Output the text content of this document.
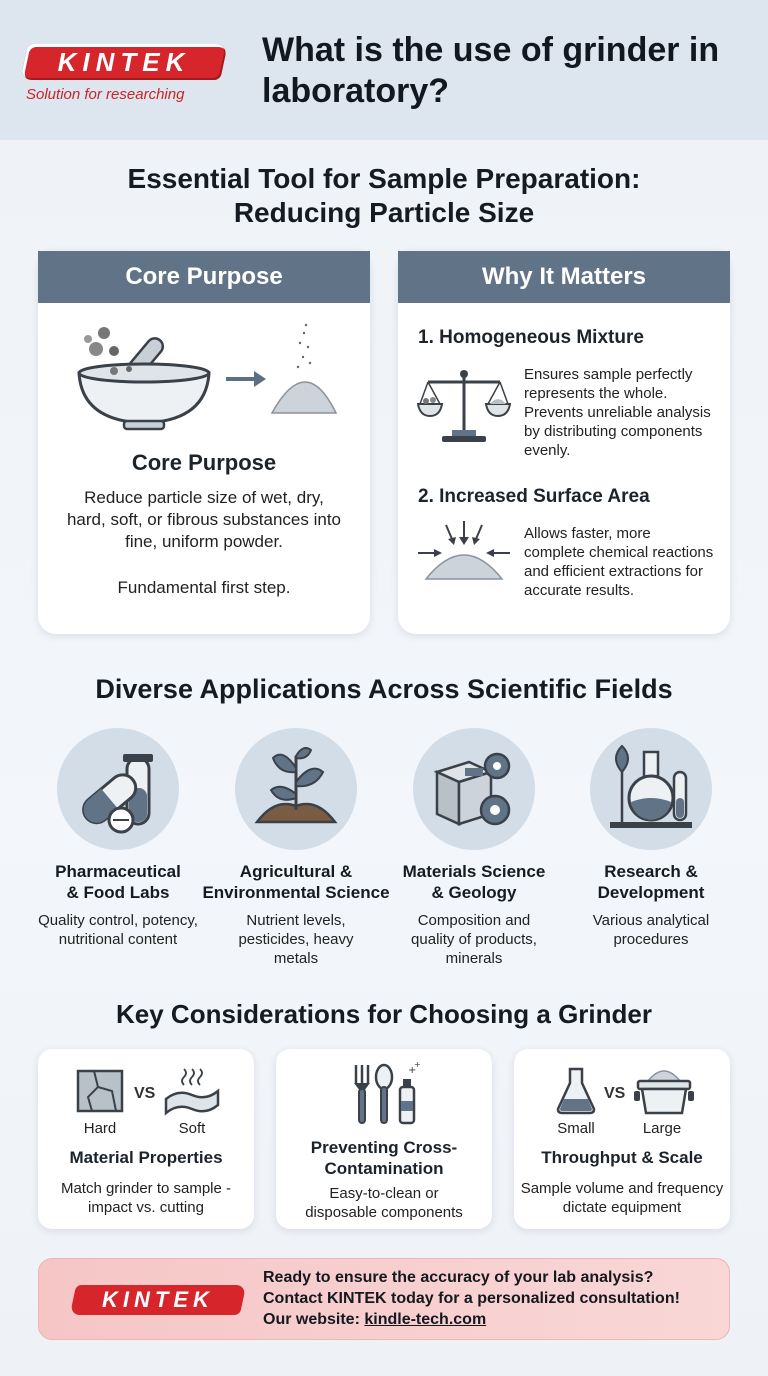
KINTEK
Solution for researching
What is the use of grinder in laboratory?
Essential Tool for Sample Preparation:
Reducing Particle Size
Core Purpose
Core Purpose
Reduce particle size of wet, dry, hard, soft, or fibrous substances into fine, uniform powder.
Fundamental first step.
Why It Matters
1. Homogeneous Mixture
Ensures sample perfectly represents the whole. Prevents unreliable analysis by distributing components evenly.
2. Increased Surface Area
Allows faster, more complete chemical reactions and efficient extractions for accurate results.
Diverse Applications Across Scientific Fields
Pharmaceutical
& Food Labs
Quality control, potency, nutritional content
Agricultural &
Environmental Science
Nutrient levels, pesticides, heavy metals
Materials Science
& Geology
Composition and quality of products, minerals
Research &
Development
Various analytical procedures
Key Considerations for Choosing a Grinder
VS
Hard	Soft
Material Properties
Match grinder to sample - impact vs. cutting
+
+
Preventing Cross-Contamination
Easy-to-clean or disposable components
VS
Small	Large
Throughput & Scale
Sample volume and frequency dictate equipment
KINTEK
Ready to ensure the accuracy of your lab analysis?
Contact KINTEK today for a personalized consultation!
Our website: kindle-tech.com
